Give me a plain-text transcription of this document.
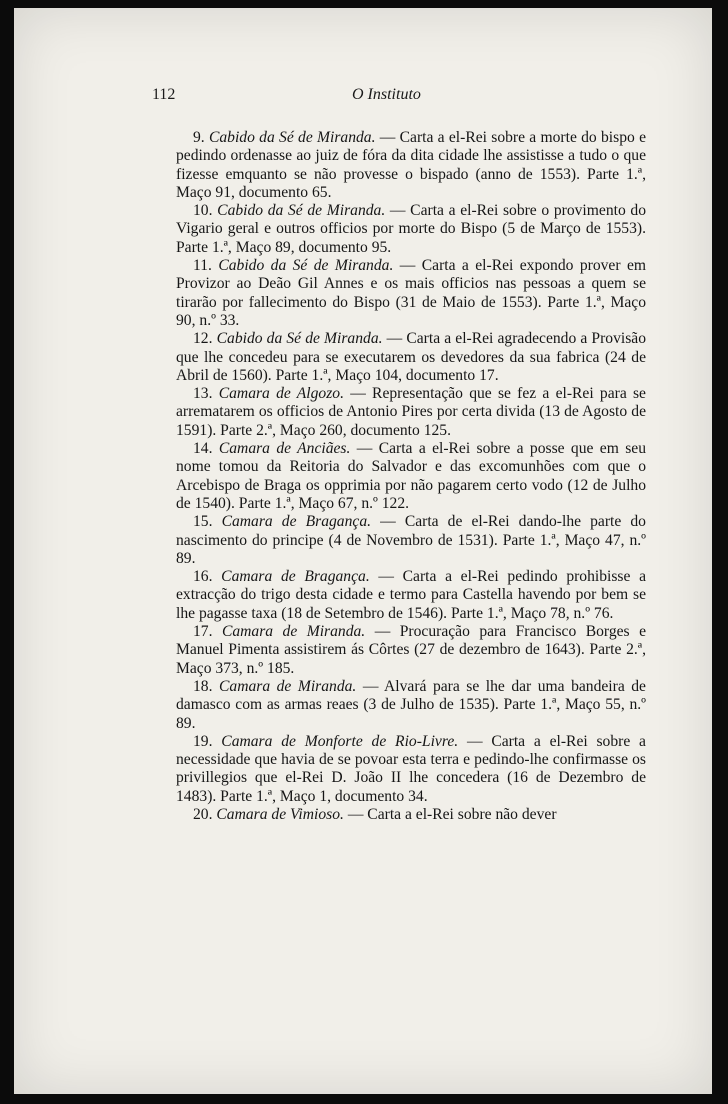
112	O Instituto

9. Cabido da Sé de Miranda. — Carta a el-Rei sobre a morte do bispo e pedindo ordenasse ao juiz de fóra da dita cidade lhe assistisse a tudo o que fizesse emquanto se não provesse o bispado (anno de 1553). Parte 1.ª, Maço 91, documento 65.

10. Cabido da Sé de Miranda. — Carta a el-Rei sobre o provimento do Vigario geral e outros officios por morte do Bispo (5 de Março de 1553). Parte 1.ª, Maço 89, documento 95.

11. Cabido da Sé de Miranda. — Carta a el-Rei expondo prover em Provizor ao Deão Gil Annes e os mais officios nas pessoas a quem se tirarão por fallecimento do Bispo (31 de Maio de 1553). Parte 1.ª, Maço 90, n.º 33.

12. Cabido da Sé de Miranda. — Carta a el-Rei agradecendo a Provisão que lhe concedeu para se executarem os devedores da sua fabrica (24 de Abril de 1560). Parte 1.ª, Maço 104, documento 17.

13. Camara de Algozo. — Representação que se fez a el-Rei para se arrematarem os officios de Antonio Pires por certa divida (13 de Agosto de 1591). Parte 2.ª, Maço 260, documento 125.

14. Camara de Anciães. — Carta a el-Rei sobre a posse que em seu nome tomou da Reitoria do Salvador e das excomunhões com que o Arcebispo de Braga os opprimia por não pagarem certo vodo (12 de Julho de 1540). Parte 1.ª, Maço 67, n.º 122.

15. Camara de Bragança. — Carta de el-Rei dando-lhe parte do nascimento do principe (4 de Novembro de 1531). Parte 1.ª, Maço 47, n.º 89.

16. Camara de Bragança. — Carta a el-Rei pedindo prohibisse a extracção do trigo desta cidade e termo para Castella havendo por bem se lhe pagasse taxa (18 de Setembro de 1546). Parte 1.ª, Maço 78, n.º 76.

17. Camara de Miranda. — Procuração para Francisco Borges e Manuel Pimenta assistirem ás Côrtes (27 de dezembro de 1643). Parte 2.ª, Maço 373, n.º 185.

18. Camara de Miranda. — Alvará para se lhe dar uma bandeira de damasco com as armas reaes (3 de Julho de 1535). Parte 1.ª, Maço 55, n.º 89.

19. Camara de Monforte de Rio-Livre. — Carta a el-Rei sobre a necessidade que havia de se povoar esta terra e pedindo-lhe confirmasse os privillegios que el-Rei D. João II lhe concedera (16 de Dezembro de 1483). Parte 1.ª, Maço 1, documento 34.

20. Camara de Vimioso. — Carta a el-Rei sobre não dever
